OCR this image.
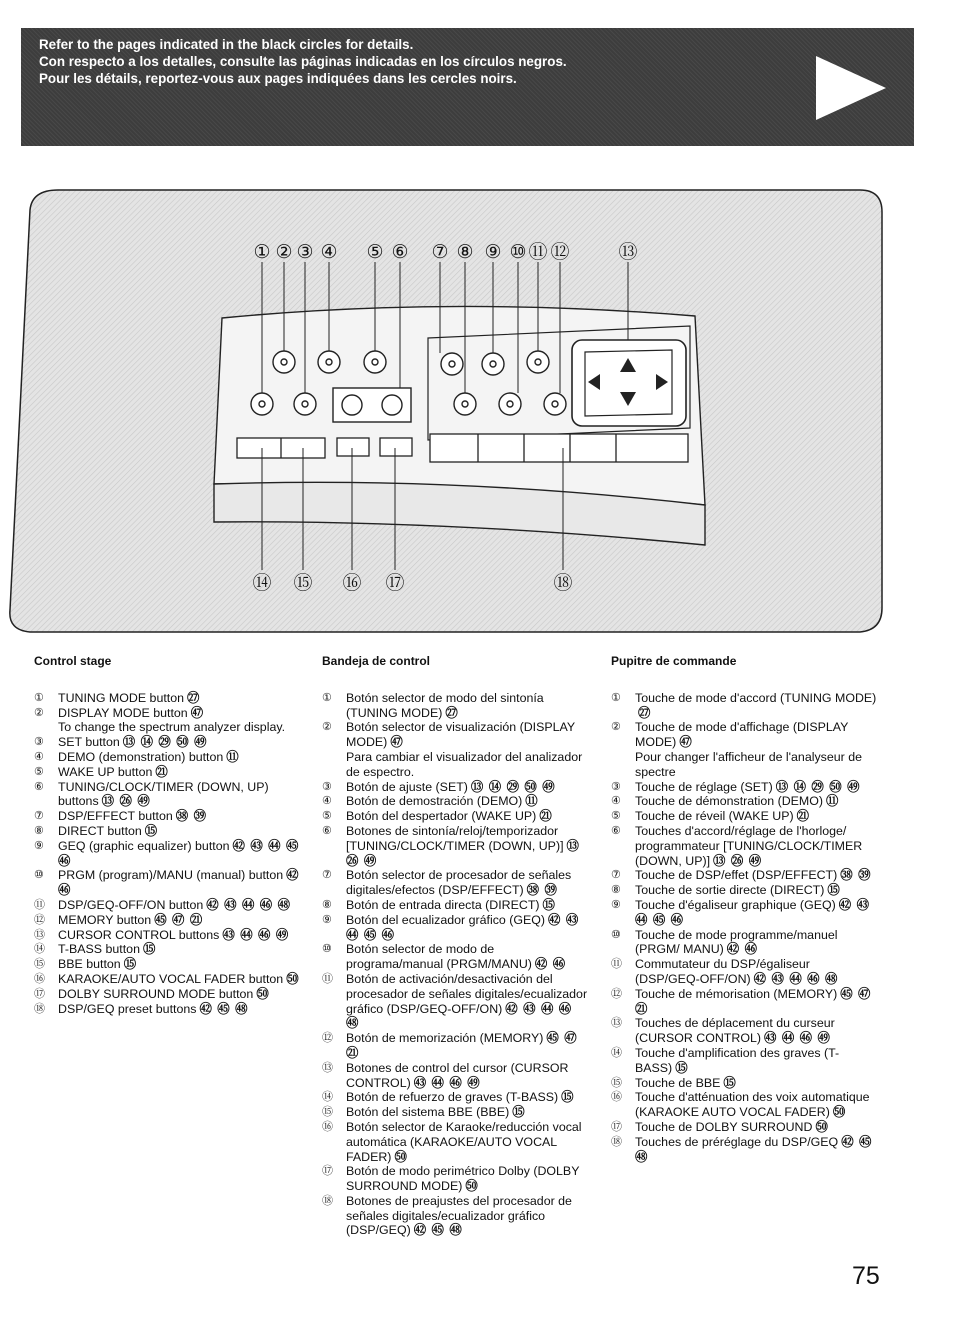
Refer to the pages indicated in the black circles for details.
Con respecto a los detalles, consulte las páginas indicadas en los círculos negros.
Pour les détails, reportez-vous aux pages indiquées dans les cercles noirs.
① ② ③ ④ ⑤ ⑥ ⑦ ⑧ ⑨ ⑩ ⑪ ⑫	⑬
⑭ ⑮ ⑯ ⑰	⑱
Control stage
① TUNING MODE button ㉗
② DISPLAY MODE button ㊼
To change the spectrum analyzer display.
③ SET button ⑬ ⑭ ㉙ ㊿ ㊾
④ DEMO (demonstration) button ⑪
⑤ WAKE UP button ㉑
⑥ TUNING/CLOCK/TIMER (DOWN, UP) buttons ⑬ ㉖ ㊾
⑦ DSP/EFFECT button ㊳ ㊴
⑧ DIRECT button ⑮
⑨ GEQ (graphic equalizer) button ㊷ ㊸ ㊹ ㊺ ㊻
⑩ PRGM (program)/MANU (manual) button ㊷ ㊻
⑪ DSP/GEQ-OFF/ON button ㊷ ㊸ ㊹ ㊻ ㊽
⑫ MEMORY button ㊺ ㊼ ㉑
⑬ CURSOR CONTROL buttons ㊸ ㊹ ㊻ ㊾
⑭ T-BASS button ⑮
⑮ BBE button ⑮
⑯ KARAOKE/AUTO VOCAL FADER button ㊿
⑰ DOLBY SURROUND MODE button ㊿
⑱ DSP/GEQ preset buttons ㊷ ㊺ ㊽
Bandeja de control
① Botón selector de modo del sintonía (TUNING MODE) ㉗
② Botón selector de visualización (DISPLAY MODE) ㊼
Para cambiar el visualizador del analizador de espectro.
③ Botón de ajuste (SET) ⑬ ⑭ ㉙ ㊿ ㊾
④ Botón de demostración (DEMO) ⑪
⑤ Botón del despertador (WAKE UP) ㉑
⑥ Botones de sintonía/reloj/temporizador [TUNING/CLOCK/TIMER (DOWN, UP)] ⑬ ㉖ ㊾
⑦ Botón selector de procesador de señales digitales/efectos (DSP/EFFECT) ㊳ ㊴
⑧ Botón de entrada directa (DIRECT) ⑮
⑨ Botón del ecualizador gráfico (GEQ) ㊷ ㊸ ㊹ ㊺ ㊻
⑩ Botón selector de modo de programa/manual (PRGM/MANU) ㊷ ㊻
⑪ Botón de activación/desactivación del procesador de señales digitales/ecualizador gráfico (DSP/GEQ-OFF/ON) ㊷ ㊸ ㊹ ㊻ ㊽
⑫ Botón de memorización (MEMORY) ㊺ ㊼ ㉑
⑬ Botones de control del cursor (CURSOR CONTROL) ㊸ ㊹ ㊻ ㊾
⑭ Botón de refuerzo de graves (T-BASS) ⑮
⑮ Botón del sistema BBE (BBE) ⑮
⑯ Botón selector de Karaoke/reducción vocal automática (KARAOKE/AUTO VOCAL FADER) ㊿
⑰ Botón de modo perimétrico Dolby (DOLBY SURROUND MODE) ㊿
⑱ Botones de preajustes del procesador de señales digitales/ecualizador gráfico (DSP/GEQ) ㊷ ㊺ ㊽
Pupitre de commande
① Touche de mode d'accord (TUNING MODE)㉗
② Touche de mode d'affichage (DISPLAY MODE) ㊼
Pour changer l'afficheur de l'analyseur de spectre
③ Touche de réglage (SET) ⑬ ⑭ ㉙ ㊿ ㊾
④ Touche de démonstration (DEMO) ⑪
⑤ Touche de réveil (WAKE UP) ㉑
⑥ Touches d'accord/réglage de l'horloge/ programmateur [TUNING/CLOCK/TIMER (DOWN, UP)] ⑬ ㉖ ㊾
⑦ Touche de DSP/effet (DSP/EFFECT) ㊳ ㊴
⑧ Touche de sortie directe (DIRECT) ⑮
⑨ Touche d'égaliseur graphique (GEQ) ㊷ ㊸ ㊹ ㊺ ㊻
⑩ Touche de mode programme/manuel (PRGM/ MANU) ㊷ ㊻
⑪ Commutateur du DSP/égaliseur (DSP/GEQ-OFF/ON) ㊷ ㊸ ㊹ ㊻ ㊽
⑫ Touche de mémorisation (MEMORY) ㊺ ㊼ ㉑
⑬ Touches de déplacement du curseur (CURSOR CONTROL) ㊸ ㊹ ㊻ ㊾
⑭ Touche d'amplification des graves (T-BASS) ⑮
⑮ Touche de BBE ⑮
⑯ Touche d'atténuation des voix automatique (KARAOKE AUTO VOCAL FADER) ㊿
⑰ Touche de DOLBY SURROUND ㊿
⑱ Touches de préréglage du DSP/GEQ ㊷ ㊺ ㊽
75
